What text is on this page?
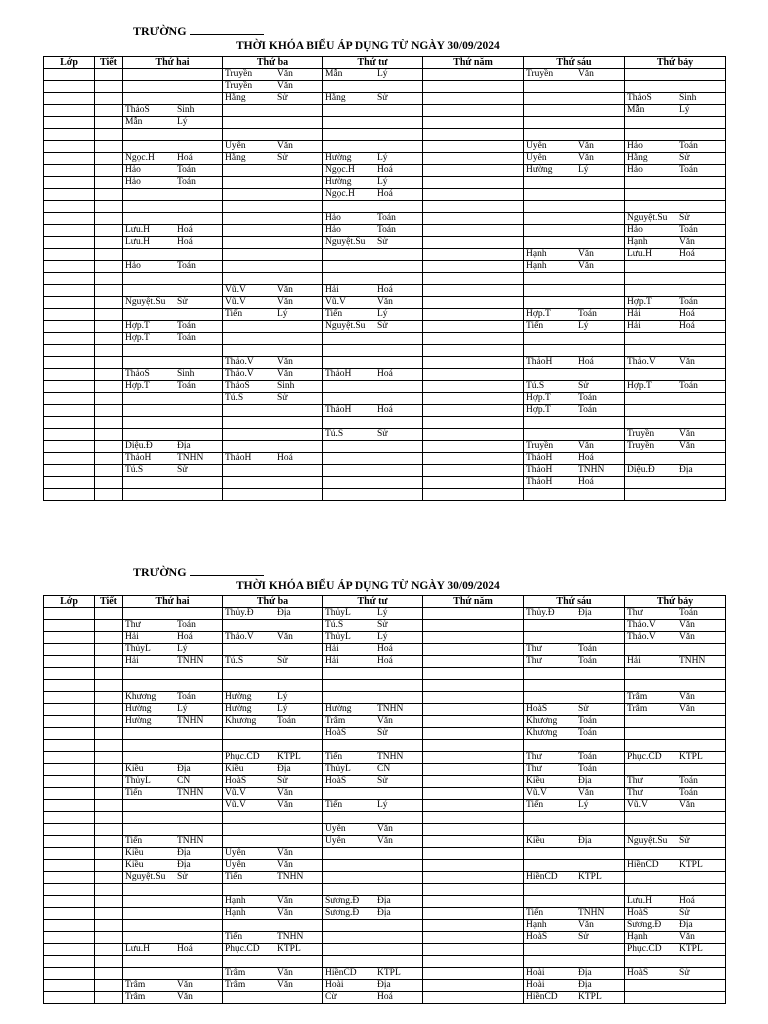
TRƯỜNG
THỜI KHÓA BIỂU ÁP DỤNG TỪ NGÀY 30/09/2024
Lớp	Tiết	Thứ hai	Thứ ba	Thứ tư	Thứ năm	Thứ sáu	Thứ bảy

			Truyền Văn	Mẫn Lý		Truyền Văn	

			Truyền Văn				

			Hằng Sử	Hằng Sử			ThảoS Sinh

		ThảoS Sinh					Mẫn Lý

		Mẫn Lý					

			Uyên Văn			Uyên Văn	Hảo Toán

		Ngọc.H Hoá	Hằng Sử	Hường Lý		Uyên Văn	Hằng Sử

		Hảo Toán		Ngọc.H Hoá		Hường Lý	Hảo Toán

		Hảo Toán		Hường Lý			

				Ngọc.H Hoá			

				Hảo Toán			Nguyệt.Su Sử

		Lưu.H Hoá		Hảo Toán			Hảo Toán

		Lưu.H Hoá		Nguyệt.Su Sử			Hạnh Văn

						Hạnh Văn	Lưu.H Hoá

		Hảo Toán				Hạnh Văn	

			Vũ.V Văn	Hải Hoá			

		Nguyệt.Su Sử	Vũ.V Văn	Vũ.V Văn			Hợp.T Toán

			Tiến Lý	Tiến Lý		Hợp.T Toán	Hải Hoá

		Hợp.T Toán		Nguyệt.Su Sử		Tiến Lý	Hải Hoá

		Hợp.T Toán					

			Thảo.V Văn			ThảoH Hoá	Thảo.V Văn

		ThảoS Sinh	Thảo.V Văn	ThảoH Hoá			

		Hợp.T Toán	ThảoS Sinh			Tú.S Sử	Hợp.T Toán

			Tú.S Sử			Hợp.T Toán	

				ThảoH Hoá		Hợp.T Toán	

				Tú.S Sử			Truyền Văn

		Diệu.Đ Địa				Truyền Văn	Truyền Văn

		ThảoH TNHN	ThảoH Hoá			ThảoH Hoá	

		Tú.S Sử				ThảoH TNHN	Diệu.Đ Địa

						ThảoH Hoá	

TRƯỜNG
THỜI KHÓA BIỂU ÁP DỤNG TỪ NGÀY 30/09/2024
Lớp	Tiết	Thứ hai	Thứ ba	Thứ tư	Thứ năm	Thứ sáu	Thứ bảy

			Thủy.Đ Địa	ThủyL Lý		Thủy.Đ Địa	Thư Toán

		Thư Toán		Tú.S Sử			Thảo.V Văn

		Hải Hoá	Thảo.V Văn	ThủyL Lý			Thảo.V Văn

		ThủyL Lý		Hải Hoá		Thư Toán	

		Hải TNHN	Tú.S Sử	Hải Hoá		Thư Toán	Hải TNHN

		Khương Toán	Hường Lý				Trâm Văn

		Hường Lý	Hường Lý	Hường TNHN		HoàS Sử	Trâm Văn

		Hường TNHN	Khương Toán	Trâm Văn		Khương Toán	

				HoàS Sử		Khương Toán	

			Phục.CD KTPL	Tiến TNHN		Thư Toán	Phục.CD KTPL

		Kiều Địa	Kiều Địa	ThủyL CN		Thư Toán	

		ThủyL CN	HoàS Sử	HoàS Sử		Kiều Địa	Thư Toán

		Tiến TNHN	Vũ.V Văn			Vũ.V Văn	Thư Toán

			Vũ.V Văn	Tiến Lý		Tiến Lý	Vũ.V Văn

				Uyên Văn			

		Tiến TNHN		Uyên Văn		Kiều Địa	Nguyệt.Su Sử

		Kiều Địa	Uyên Văn				

		Kiều Địa	Uyên Văn				HiềnCD KTPL

		Nguyệt.Su Sử	Tiến TNHN			HiềnCD KTPL	

			Hạnh Văn	Sương.Đ Địa			Lưu.H Hoá

			Hạnh Văn	Sương.Đ Địa		Tiến TNHN	HoàS Sử

						Hạnh Văn	Sương.Đ Địa

			Tiến TNHN			HoàS Sử	Hạnh Văn

		Lưu.H Hoá	Phục.CD KTPL				Phục.CD KTPL

			Trâm Văn	HiềnCD KTPL		Hoài Địa	HoàS Sử

		Trâm Văn	Trâm Văn	Hoài Địa		Hoài Địa	

		Trâm Văn		Cừ Hoá		HiềnCD KTPL	
